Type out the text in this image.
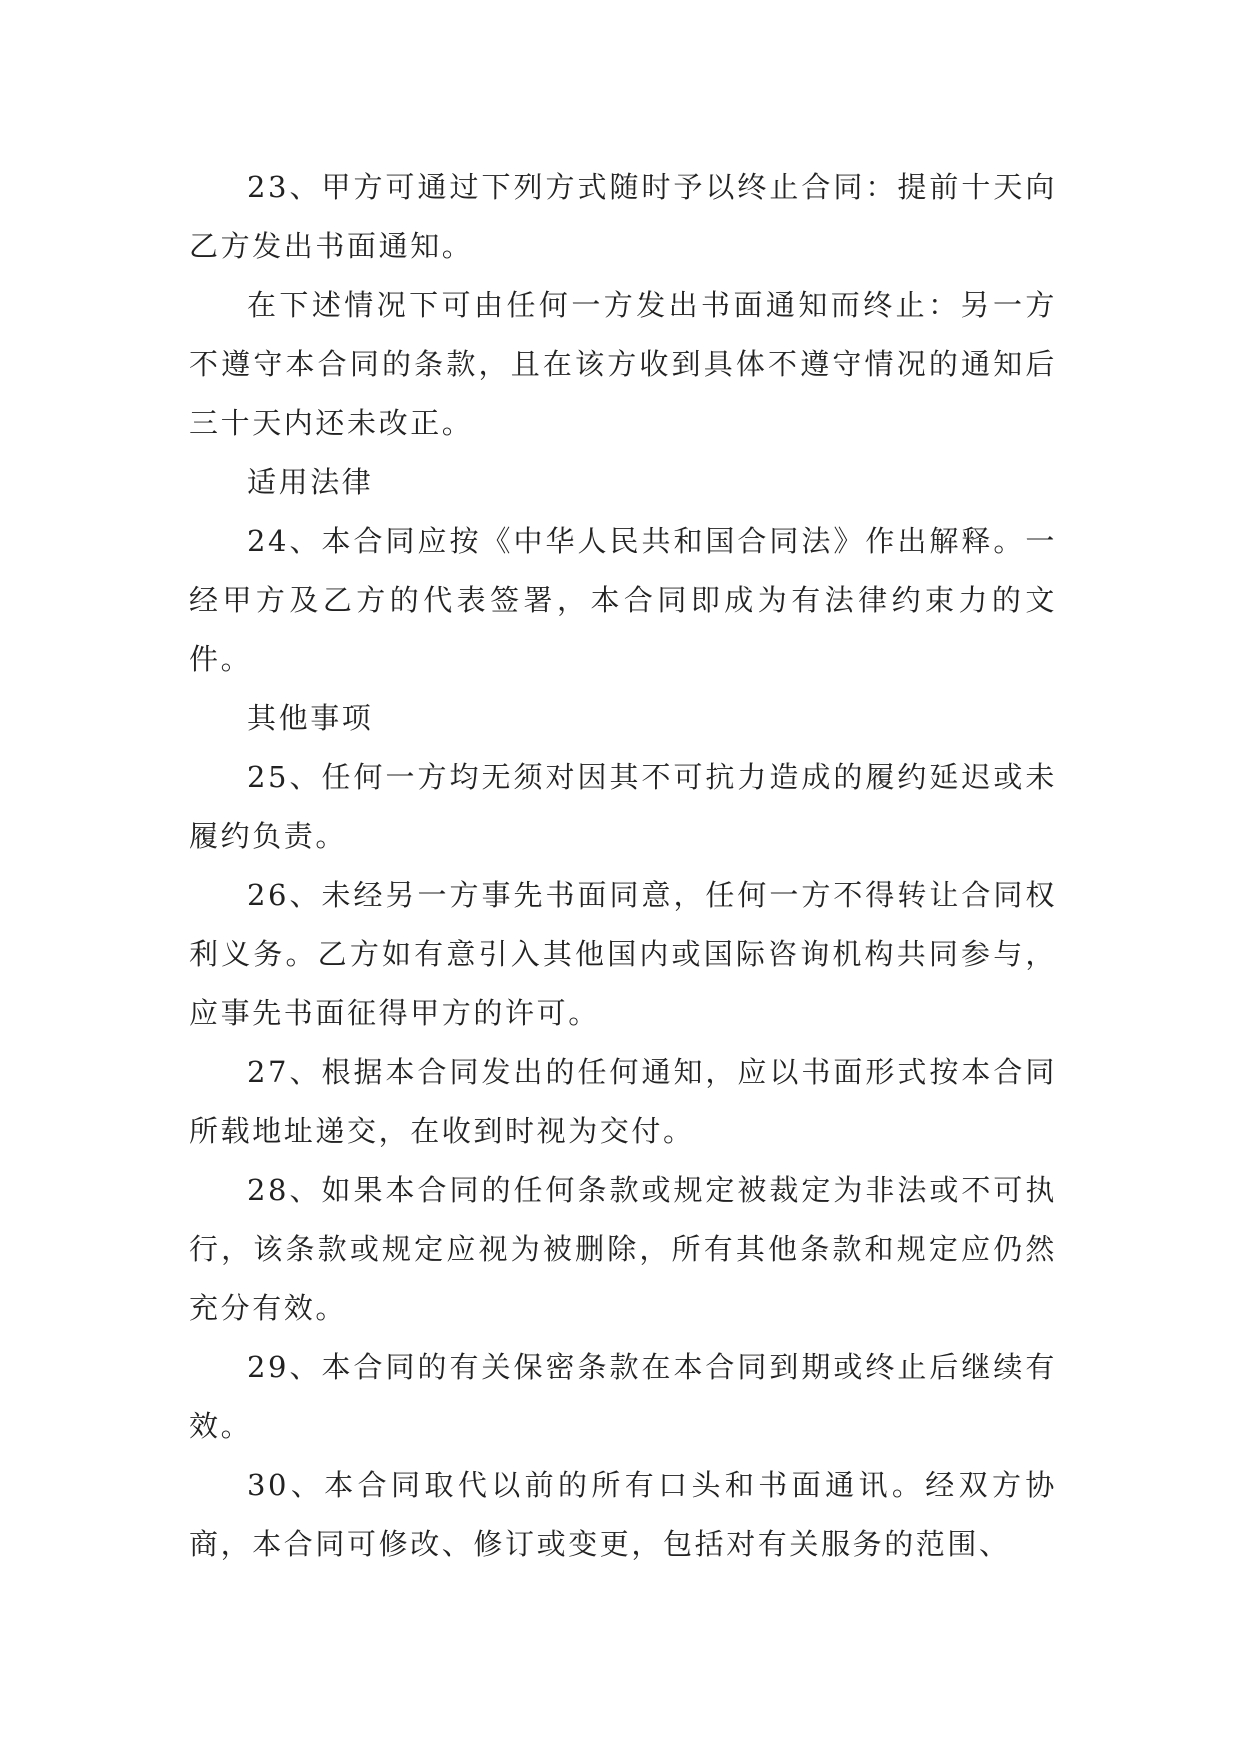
23、甲方可通过下列方式随时予以终止合同：提前十天向乙方发出书面通知。

在下述情况下可由任何一方发出书面通知而终止：另一方不遵守本合同的条款，且在该方收到具体不遵守情况的通知后三十天内还未改正。

适用法律

24、本合同应按《中华人民共和国合同法》作出解释。一经甲方及乙方的代表签署，本合同即成为有法律约束力的文件。

其他事项

25、任何一方均无须对因其不可抗力造成的履约延迟或未履约负责。

26、未经另一方事先书面同意，任何一方不得转让合同权利义务。乙方如有意引入其他国内或国际咨询机构共同参与，应事先书面征得甲方的许可。

27、根据本合同发出的任何通知，应以书面形式按本合同所载地址递交，在收到时视为交付。

28、如果本合同的任何条款或规定被裁定为非法或不可执行，该条款或规定应视为被删除，所有其他条款和规定应仍然充分有效。

29、本合同的有关保密条款在本合同到期或终止后继续有效。

30、本合同取代以前的所有口头和书面通讯。经双方协商，本合同可修改、修订或变更，包括对有关服务的范围、
